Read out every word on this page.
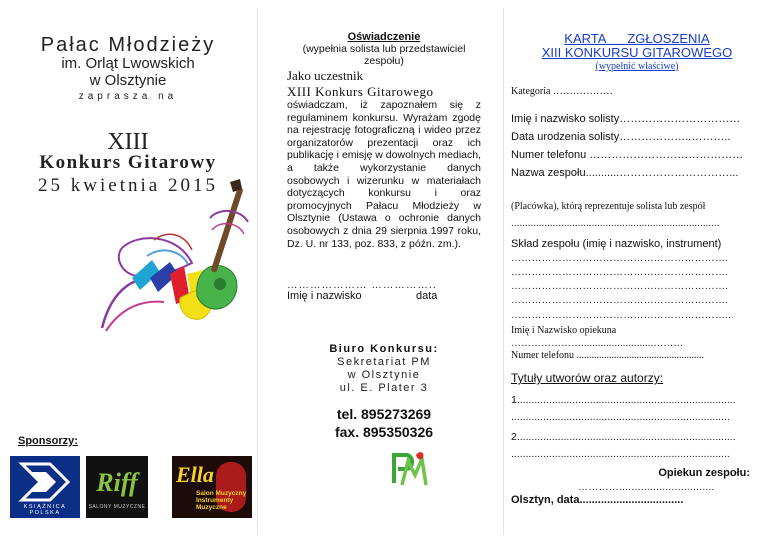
Pałac Młodzieży
im. Orląt Lwowskich
w Olsztynie
zaprasza na
XIII
Konkurs Gitarowy
25 kwietnia 2015
Sponsorzy:
KSIĄŻNICA POLSKA
Riff
SALONY MUZYCZNE
Ella
Salon Muzyczny Instrumenty Muzyczne
Oświadczenie
(wypełnia solista lub przedstawiciel zespołu)
Jako uczestnik
XIII Konkurs Gitarowego
oświadczam, iż zapoznałem się z regulaminem konkursu. Wyrażam zgodę na rejestrację fotograficzną i wideo przez organizatorów prezentacji oraz ich publikację i emisję w dowolnych mediach, a także wykorzystanie danych osobowych i wizerunku w materiałach dotyczących konkursu i oraz promocyjnych Pałacu Młodzieży w Olsztynie (Ustawa o ochronie danych osobowych z dnia 29 sierpnia 1997 roku, Dz. U. nr 133, poz. 833, z późn. zm.).
………………… ……………..
Imię i nazwisko	data
Biuro Konkursu:
Sekretariat PM
w Olsztynie
ul. E. Plater 3
tel. 895273269
fax. 895350326
KARTA ZGŁOSZENIA
XIII KONKURSU GITAROWEGO
(wypełnić właściwe)
Kategoria ………………
Imię i nazwisko solisty……………………………
Data urodzenia solisty………………..………..
Numer telefonu ……………………………………
Nazwa zespołu...........…………………………...
(Placówka), którą reprezentuje solista lub zespół
...........................................................................
Skład zespołu (imię i nazwisko, instrument)
……………………………………………………….
……………………………………………………….
……………………………………………………….
……………………………………………………….
………………………………………………………..
Imię i Nazwisko opiekuna
…………………..........................………
Numer telefonu ...................................................
Tytuły utworów oraz autorzy:
1...........................................................................
...........................................................................
2...........................................................................
...........................................................................
Opiekun zespołu:
…………...............................
Olsztyn, data..................................
